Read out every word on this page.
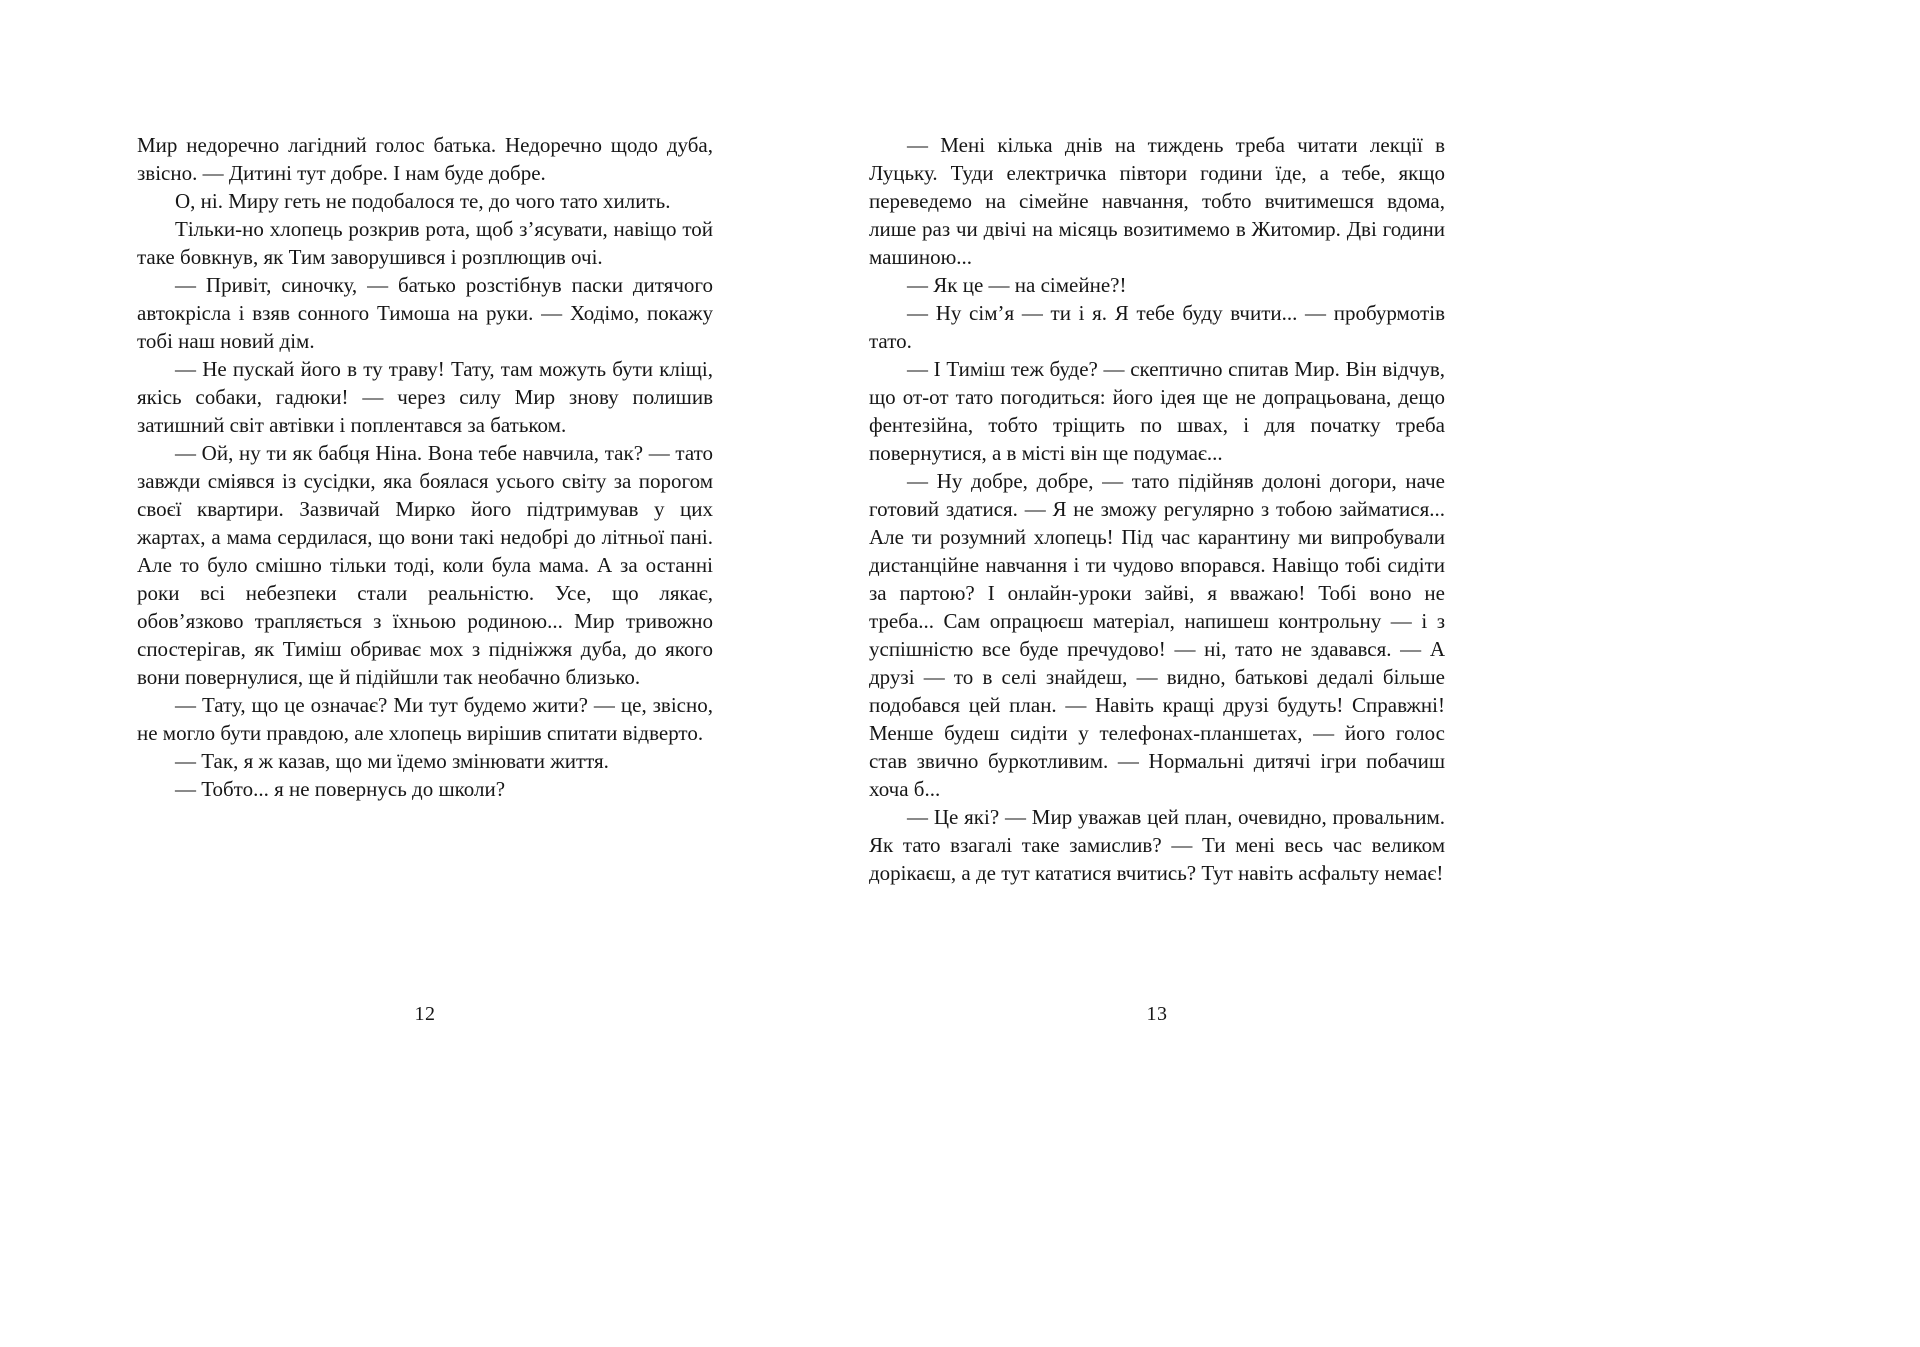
Мир недоречно лагідний голос батька. Недоречно щодо дуба, звісно. — Дитині тут добре. І нам буде добре.

О, ні. Миру геть не подобалося те, до чого тато хилить.

Тільки-но хлопець розкрив рота, щоб з’ясувати, навіщо той таке бовкнув, як Тим заворушився і розплющив очі.

— Привіт, синочку, — батько розстібнув паски дитячого автокрісла і взяв сонного Тимоша на руки. — Ходімо, покажу тобі наш новий дім.

— Не пускай його в ту траву! Тату, там можуть бути кліщі, якісь собаки, гадюки! — через силу Мир знову полишив затишний світ автівки і поплентався за батьком.

— Ой, ну ти як бабця Ніна. Вона тебе навчила, так? — тато завжди сміявся із сусідки, яка боялася усього світу за порогом своєї квартири. Зазвичай Мирко його підтримував у цих жартах, а мама сердилася, що вони такі недобрі до літньої пані. Але то було смішно тільки тоді, коли була мама. А за останні роки всі небезпеки стали реальністю. Усе, що лякає, обов’язково трапляється з їхньою родиною... Мир тривожно спостерігав, як Тиміш обриває мох з підніжжя дуба, до якого вони повернулися, ще й підійшли так необачно близько.

— Тату, що це означає? Ми тут будемо жити? — це, звісно, не могло бути правдою, але хлопець вирішив спитати відверто.

— Так, я ж казав, що ми їдемо змінювати життя.

— Тобто... я не повернусь до школи?

— Мені кілька днів на тиждень треба читати лекції в Луцьку. Туди електричка півтори години їде, а тебе, якщо переведемо на сімейне навчання, тобто вчитимешся вдома, лише раз чи двічі на місяць возитимемо в Житомир. Дві години машиною...

— Як це — на сімейне?!

— Ну сім’я — ти і я. Я тебе буду вчити... — пробурмотів тато.

— І Тиміш теж буде? — скептично спитав Мир. Він відчув, що от-от тато погодиться: його ідея ще не допрацьована, дещо фентезійна, тобто тріщить по швах, і для початку треба повернутися, а в місті він ще подумає...

— Ну добре, добре, — тато підійняв долоні догори, наче готовий здатися. — Я не зможу регулярно з тобою займатися... Але ти розумний хлопець! Під час карантину ми випробували дистанційне навчання і ти чудово впорався. Навіщо тобі сидіти за партою? І онлайн-уроки зайві, я вважаю! Тобі воно не треба... Сам опрацюєш матеріал, напишеш контрольну — і з успішністю все буде пречудово! — ні, тато не здавався. — А друзі — то в селі знайдеш, — видно, батькові дедалі більше подобався цей план. — Навіть кращі друзі будуть! Справжні! Менше будеш сидіти у телефонах-планшетах, — його голос став звично буркотливим. — Нормальні дитячі ігри побачиш хоча б...

— Це які? — Мир уважав цей план, очевидно, провальним. Як тато взагалі таке замислив? — Ти мені весь час великом дорікаєш, а де тут кататися вчитись? Тут навіть асфальту немає!

12	13
